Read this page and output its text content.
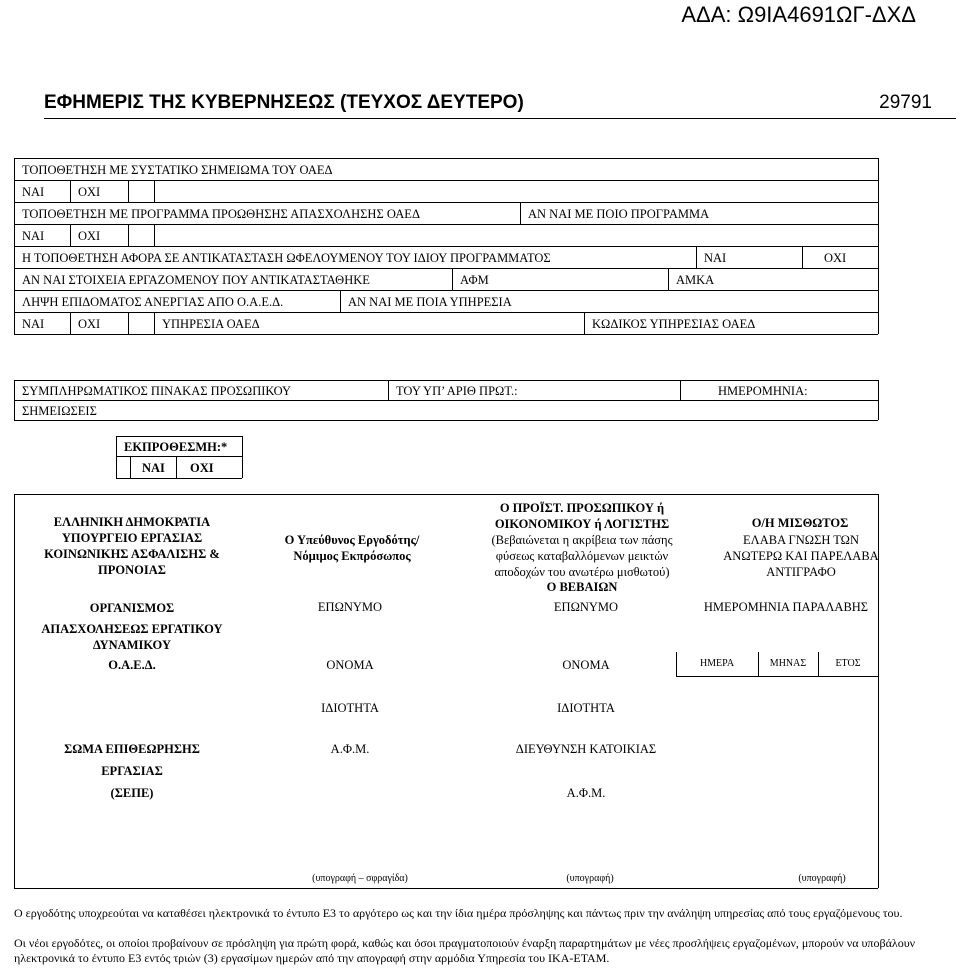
ΑΔΑ: Ω9ΙΑ4691ΩΓ-ΔΧΔ
ΕΦΗΜΕΡΙΣ ΤΗΣ ΚΥΒΕΡΝΗΣΕΩΣ (ΤΕΥΧΟΣ ΔΕΥΤΕΡΟ)	29791
ΤΟΠΟΘΕΤΗΣΗ ΜΕ ΣΥΣΤΑΤΙΚΟ ΣΗΜΕΙΩΜΑ ΤΟΥ ΟΑΕΔ
ΝΑΙ	ΟΧΙ
ΤΟΠΟΘΕΤΗΣΗ ΜΕ ΠΡΟΓΡΑΜΜΑ ΠΡΟΩΘΗΣΗΣ ΑΠΑΣΧΟΛΗΣΗΣ ΟΑΕΔ	ΑΝ ΝΑΙ ΜΕ ΠΟΙΟ ΠΡΟΓΡΑΜΜΑ
ΝΑΙ	ΟΧΙ
Η ΤΟΠΟΘΕΤΗΣΗ ΑΦΟΡΑ ΣΕ ΑΝΤΙΚΑΤΑΣΤΑΣΗ ΩΦΕΛΟΥΜΕΝΟΥ ΤΟΥ ΙΔΙΟΥ ΠΡΟΓΡΑΜΜΑΤΟΣ	ΝΑΙ	ΟΧΙ
ΑΝ ΝΑΙ ΣΤΟΙΧΕΙΑ ΕΡΓΑΖΟΜΕΝΟΥ ΠΟΥ ΑΝΤΙΚΑΤΑΣΤΑΘΗΚΕ	ΑΦΜ	ΑΜΚΑ
ΛΗΨΗ ΕΠΙΔΟΜΑΤΟΣ ΑΝΕΡΓΙΑΣ ΑΠΟ Ο.Α.Ε.Δ.	ΑΝ ΝΑΙ ΜΕ ΠΟΙΑ ΥΠΗΡΕΣΙΑ
ΝΑΙ	ΟΧΙ	ΥΠΗΡΕΣΙΑ ΟΑΕΔ	ΚΩΔΙΚΟΣ ΥΠΗΡΕΣΙΑΣ ΟΑΕΔ
ΣΥΜΠΛΗΡΩΜΑΤΙΚΟΣ ΠΙΝΑΚΑΣ ΠΡΟΣΩΠΙΚΟΥ	ΤΟΥ ΥΠ’ ΑΡΙΘ ΠΡΩΤ.:	ΗΜΕΡΟΜΗΝΙΑ:
ΣΗΜΕΙΩΣΕΙΣ
ΕΚΠΡΟΘΕΣΜΗ:*
ΝΑΙ ΟΧΙ
ΕΛΛΗΝΙΚΗ ΔΗΜΟΚΡΑΤΙΑ ΥΠΟΥΡΓΕΙΟ ΕΡΓΑΣΙΑΣ ΚΟΙΝΩΝΙΚΗΣ ΑΣΦΑΛΙΣΗΣ & ΠΡΟΝΟΙΑΣ
Ο Υπεύθυνος Εργοδότης/ Νόμιμος Εκπρόσωπος
Ο ΠΡΟΪΣΤ. ΠΡΟΣΩΠΙΚΟΥ ή ΟΙΚΟΝΟΜΙΚΟΥ ή ΛΟΓΙΣΤΗΣ
(Βεβαιώνεται η ακρίβεια των πάσης φύσεως καταβαλλόμενων μεικτών αποδοχών του ανωτέρω μισθωτού)
Ο ΒΕΒΑΙΩΝ
Ο/Η ΜΙΣΘΩΤΟΣ
ΕΛΑΒΑ ΓΝΩΣΗ ΤΩΝ ΑΝΩΤΕΡΩ ΚΑΙ ΠΑΡΕΛΑΒΑ ΑΝΤΙΓΡΑΦΟ
ΟΡΓΑΝΙΣΜΟΣ	ΕΠΩΝΥΜΟ	ΕΠΩΝΥΜΟ	ΗΜΕΡΟΜΗΝΙΑ ΠΑΡΑΛΑΒΗΣ
ΑΠΑΣΧΟΛΗΣΕΩΣ ΕΡΓΑΤΙΚΟΥ ΔΥΝΑΜΙΚΟΥ
Ο.Α.Ε.Δ.	ΟΝΟΜΑ	ΟΝΟΜΑ	ΗΜΕΡΑ	ΜΗΝΑΣ	ΕΤΟΣ
ΙΔΙΟΤΗΤΑ	ΙΔΙΟΤΗΤΑ
ΣΩΜΑ ΕΠΙΘΕΩΡΗΣΗΣ	Α.Φ.Μ.	ΔΙΕΥΘΥΝΣΗ ΚΑΤΟΙΚΙΑΣ
ΕΡΓΑΣΙΑΣ
(ΣΕΠΕ)	Α.Φ.Μ.
(υπογραφή – σφραγίδα)	(υπογραφή)	(υπογραφή)
Ο εργοδότης υποχρεούται να καταθέσει ηλεκτρονικά το έντυπο Ε3 το αργότερο ως και την ίδια ημέρα πρόσληψης και πάντως πριν την ανάληψη υπηρεσίας από τους εργαζόμενους του.
Οι νέοι εργοδότες, οι οποίοι προβαίνουν σε πρόσληψη για πρώτη φορά, καθώς και όσοι πραγματοποιούν έναρξη παραρτημάτων με νέες προσλήψεις εργαζομένων, μπορούν να υποβάλουν ηλεκτρονικά το έντυπο Ε3 εντός τριών (3) εργασίμων ημερών από την απογραφή στην αρμόδια Υπηρεσία του ΙΚΑ-ΕΤΑΜ.
